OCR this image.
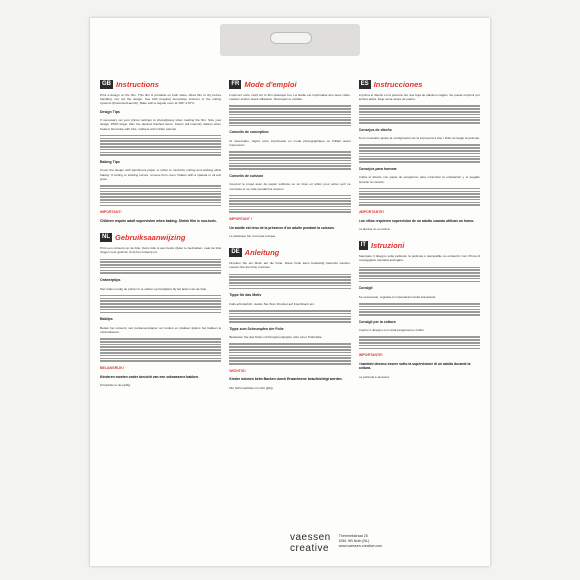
GB Instructions
Print a design on the film. This film is printable on both sides. Allow film to dry before handling. Cut out the design. Use with (regular) decorative scissors or the cutting systems (Powertec/Launch). Bake with a regular oven at 150°-170°C.
Design Tips
If necessary set your printer settings to photo/glossy when loading the film. Size your design 150% larger than the desired finished items. Colors will intensify darken when heated. Decorate with inks, markers and rubber stamps.
Baking Tips
Cover the design with parchment paper or teflon to minimize curling and sticking while baking. If curling or sticking occurs, remove from oven. Flatten with a spatula or oil and grow.
IMPORTANT!
Children require adult supervision when baking. Shrink film is non-toxic.
NL Gebruiksaanwijzing
Print een ontwerp op de folie. Deze folie is aan beide zijden te bedrukken. Laat de folie drogen voor gebruik. Knip het ontwerp uit.
Ontwerptips
Stel indien nodig de printer in te stellen op foto/glans bij het laden van de folie.
Baktips
Bedek het ontwerp met perkamentpapier om krullen en plakken tijdens het bakken te minimaliseren.
BELANGRIJK!
Kinderen moeten onder toezicht van een volwassene bakken.
Krimpfolie is niet giftig.
FR Mode d'emploi
Imprimez votre motif sur le film plastique fou. La feuille est imprimable des deux côtés. Laissez sécher avant utilisation. Découpez le modèle.
Conseils de conception
Si nécessaire, réglez votre imprimante en mode photographique ou brillant avant impression.
Conseils de cuisson
Couvrez le projet avec du papier sulfurisé ou un tissu en téflon pour éviter qu'il ne s'enroule et ne colle pendant la cuisson.
IMPORTANT !
Un adulte est tenu de la présence d'un adulte pendant la cuisson.
Le plastique fou n'est pas toxique.
DE Anleitung
Drucken Sie ein Motiv auf die Folie. Diese Folie kann beidseitig bedruckt werden. Lassen Sie die Folie trocknen.
Tipps für das Motiv
Falls erforderlich, stellen Sie Ihren Drucker auf Foto/Glanz ein.
Tipps zum Schrumpfen der Folie
Bedecken Sie das Motiv mit Pergamentpapier oder einer Teflonfolie.
WICHTIG!
Kinder müssen beim Backen durch Erwachsene beaufsichtigt werden.
Die Schrumpffolie ist nicht giftig.
ES Instrucciones
Imprima el diseño en la película. Es una hoja de plástico mágico. Se puede imprimir por ambos lados. Deje secar antes de usarlo.
Consejos de diseño
Si es necesario ajuste la configuración de la impresora a foto / brillo al cargar la película.
Consejos para hornear
Cubra el diseño con papel de pergamino para minimizar la ondulación y el pegado durante la cocción.
¡IMPORTANTE!
Los niños requieren supervisión de un adulto cuando utilizan un horno.
La lámina no es tóxica.
IT Istruzioni
Stampare il disegno sulla pellicola; la pellicola è stampabile su entrambi i lati. Prima di maneggiarla, lasciarla asciugare.
Consigli
Se necessario, regolare le impostazioni della stampante.
Consigli per la cottura
Coprire il disegno con carta pergamena o teflon.
IMPORTANTE!
I bambini devono essere sotto la supervisione di un adulto durante la cottura.
La pellicola è atossica.
vaessen
creative
Thermiekstraat 25
6361 HB Nuth (NL)
www.vaessen-creative.com
